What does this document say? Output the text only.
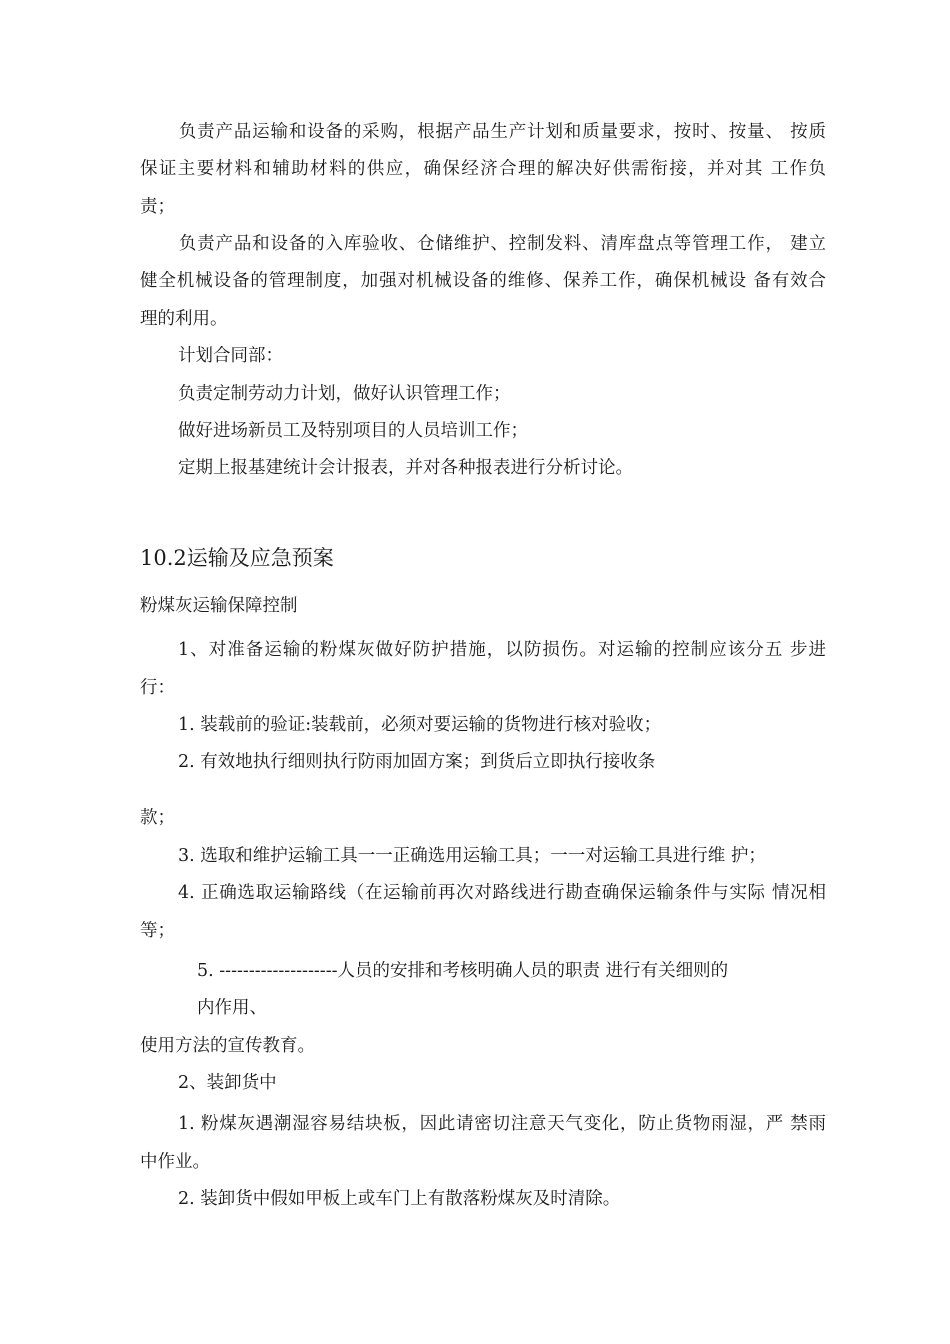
负责产品运输和设备的采购，根据产品生产计划和质量要求，按时、按量、 按质
保证主要材料和辅助材料的供应，确保经济合理的解决好供需衔接，并对其 工作负
责；
负责产品和设备的入库验收、仓储维护、控制发料、清库盘点等管理工作， 建立
健全机械设备的管理制度，加强对机械设备的维修、保养工作，确保机械设 备有效合
理的利用。
计划合同部：
负责定制劳动力计划，做好认识管理工作；
做好进场新员工及特别项目的人员培训工作；
定期上报基建统计会计报表，并对各种报表进行分析讨论。
10.2运输及应急预案
粉煤灰运输保障控制
1、对准备运输的粉煤灰做好防护措施，以防损伤。对运输的控制应该分五 步进
行：
1. 装载前的验证:装载前，必须对要运输的货物进行核对验收；
2. 有效地执行细则执行防雨加固方案；到货后立即执行接收条
款；
3. 选取和维护运输工具一一正确选用运输工具；一一对运输工具进行维 护；
4. 正确选取运输路线（在运输前再次对路线进行勘查确保运输条件与实际 情况相
等；
5. --------------------人员的安排和考核明确人员的职责 进行有关细则的
内作用、
使用方法的宣传教育。
2、装卸货中
1. 粉煤灰遇潮湿容易结块板，因此请密切注意天气变化，防止货物雨湿，严 禁雨
中作业。
2. 装卸货中假如甲板上或车门上有散落粉煤灰及时清除。
